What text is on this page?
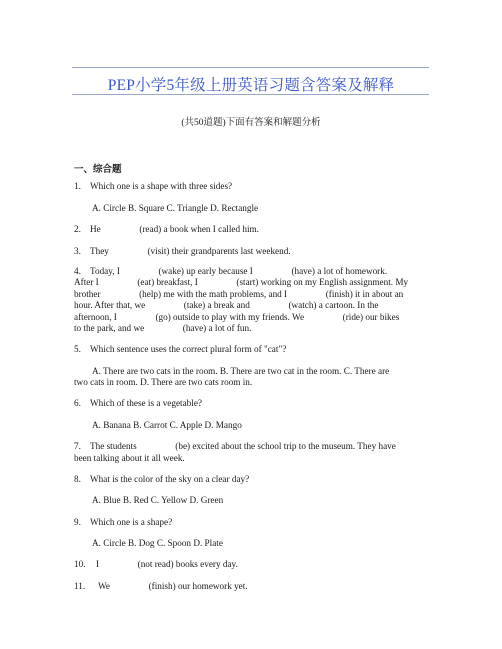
PEP小学5年级上册英语习题含答案及解释
(共50道题)下面有答案和解题分析
一、综合题
1. Which one is a shape with three sides?
A. Circle B. Square C. Triangle D. Rectangle
2. He	(read) a book when I called him.
3. They	(visit) their grandparents last weekend.
4. Today, I	(wake) up early because I	(have) a lot of homework.
After I	(eat) breakfast, I	(start) working on my English assignment. My
brother	(help) me with the math problems, and I	(finish) it in about an
hour. After that, we	(take) a break and	(watch) a cartoon. In the
afternoon, I	(go) outside to play with my friends. We	(ride) our bikes
to the park, and we	(have) a lot of fun.
5. Which sentence uses the correct plural form of "cat"?
A. There are two cats in the room. B. There are two cat in the room. C. There are
two cats in room. D. There are two cats room in.
6. Which of these is a vegetable?
A. Banana B. Carrot C. Apple D. Mango
7. The students	(be) excited about the school trip to the museum. They have
been talking about it all week.
8. What is the color of the sky on a clear day?
A. Blue B. Red C. Yellow D. Green
9. Which one is a shape?
A. Circle B. Dog C. Spoon D. Plate
10. I	(not read) books every day.
11. We	(finish) our homework yet.
